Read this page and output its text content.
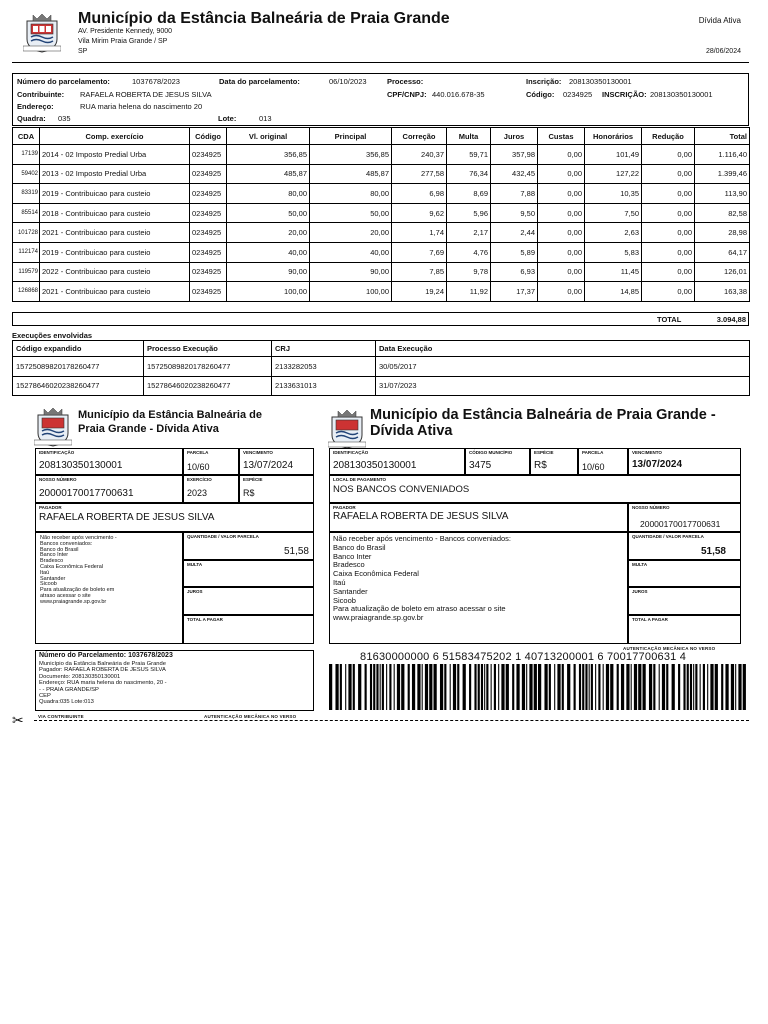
Município da Estância Balneária de Praia Grande
AV. Presidente Kennedy, 9000
Vila Mirim Praia Grande / SP
SP
Dívida Ativa
28/06/2024
Número do parcelamento:	1037678/2023	Data do parcelamento:	06/10/2023	Processo:	Inscrição: 208130350130001
Contribuinte: RAFAELA ROBERTA DE JESUS SILVA	CPF/CNPJ: 440.016.678-35	Código: 0234925 INSCRIÇÃO: 208130350130001
Endereço:	RUA maria helena do nascimento 20
Quadra: 035	Lote:	013
CDA	Comp. exercício	Código	Vl. original	Principal	Correção	Multa	Juros	Custas	Honorários	Redução	Total
17139	2014 - 02 Imposto Predial Urba	0234925	356,85	356,85	240,37	59,71	357,98	0,00	101,49	0,00	1.116,40
59402	2013 - 02 Imposto Predial Urba	0234925	485,87	485,87	277,58	76,34	432,45	0,00	127,22	0,00	1.399,46
83319	2019 - Contribuicao para custeio	0234925	80,00	80,00	6,98	8,69	7,88	0,00	10,35	0,00	113,90
85514	2018 - Contribuicao para custeio	0234925	50,00	50,00	9,62	5,96	9,50	0,00	7,50	0,00	82,58
101728	2021 - Contribuicao para custeio	0234925	20,00	20,00	1,74	2,17	2,44	0,00	2,63	0,00	28,98
112174	2019 - Contribuicao para custeio	0234925	40,00	40,00	7,69	4,76	5,89	0,00	5,83	0,00	64,17
119579	2022 - Contribuicao para custeio	0234925	90,00	90,00	7,85	9,78	6,93	0,00	11,45	0,00	126,01
126868	2021 - Contribuicao para custeio	0234925	100,00	100,00	19,24	11,92	17,37	0,00	14,85	0,00	163,38
TOTAL	3.094,88
Execuções envolvidas
Código expandido	Processo Execução	CRJ	Data Execução
15725089820178260477	15725089820178260477	2133282053	30/05/2017
15278646020238260477	15278646020238260477	2133631013	31/07/2023
Município da Estância Balneária de Praia Grande - Dívida Ativa
IDENTIFICAÇÃO
208130350130001
PARCELA
10/60
VENCIMENTO
13/07/2024
NOSSO NÚMERO
20000170017700631
EXERCÍCIO
2023
ESPÉCIE
R$
PAGADOR
RAFAELA ROBERTA DE JESUS SILVA
Não receber após vencimento -
Bancos conveniados:
Banco do Brasil
Banco Inter
Bradesco
Caixa Econômica Federal
Itaú
Santander
Sicoob
Para atualização de boleto em
atraso acessar o site
www.praiagrande.sp.gov.br
QUANTIDADE / VALOR PARCELA
51,58
MULTA
JUROS
TOTAL A PAGAR
Número do Parcelamento: 1037678/2023
Município da Estância Balneária de Praia Grande
Pagador: RAFAELA ROBERTA DE JESUS SILVA
Documento: 208130350130001
Endereço: RUA maria helena do nascimento, 20 -
- - PRAIA GRANDE/SP
CEP
Quadra:035 Lote:013
VIA CONTRIBUINTE	AUTENTICAÇÃO MECÂNICA NO VERSO
✂
Município da Estância Balneária de Praia Grande - Dívida Ativa
IDENTIFICAÇÃO
208130350130001
CÓDIGO MUNICÍPIO
3475
ESPÉCIE
R$
PARCELA
10/60
VENCIMENTO
13/07/2024
LOCAL DE PAGAMENTO
NOS BANCOS CONVENIADOS
PAGADOR
RAFAELA ROBERTA DE JESUS SILVA
NOSSO NÚMERO
20000170017700631
Não receber após vencimento - Bancos conveniados:
Banco do Brasil
Banco Inter
Bradesco
Caixa Econômica Federal
Itaú
Santander
Sicoob
Para atualização de boleto em atraso acessar o site
www.praiagrande.sp.gov.br
QUANTIDADE / VALOR PARCELA
51,58
MULTA
JUROS
TOTAL A PAGAR
AUTENTICAÇÃO MECÂNICA NO VERSO
81630000000 6 51583475202 1 40713200001 6 70017700631 4
